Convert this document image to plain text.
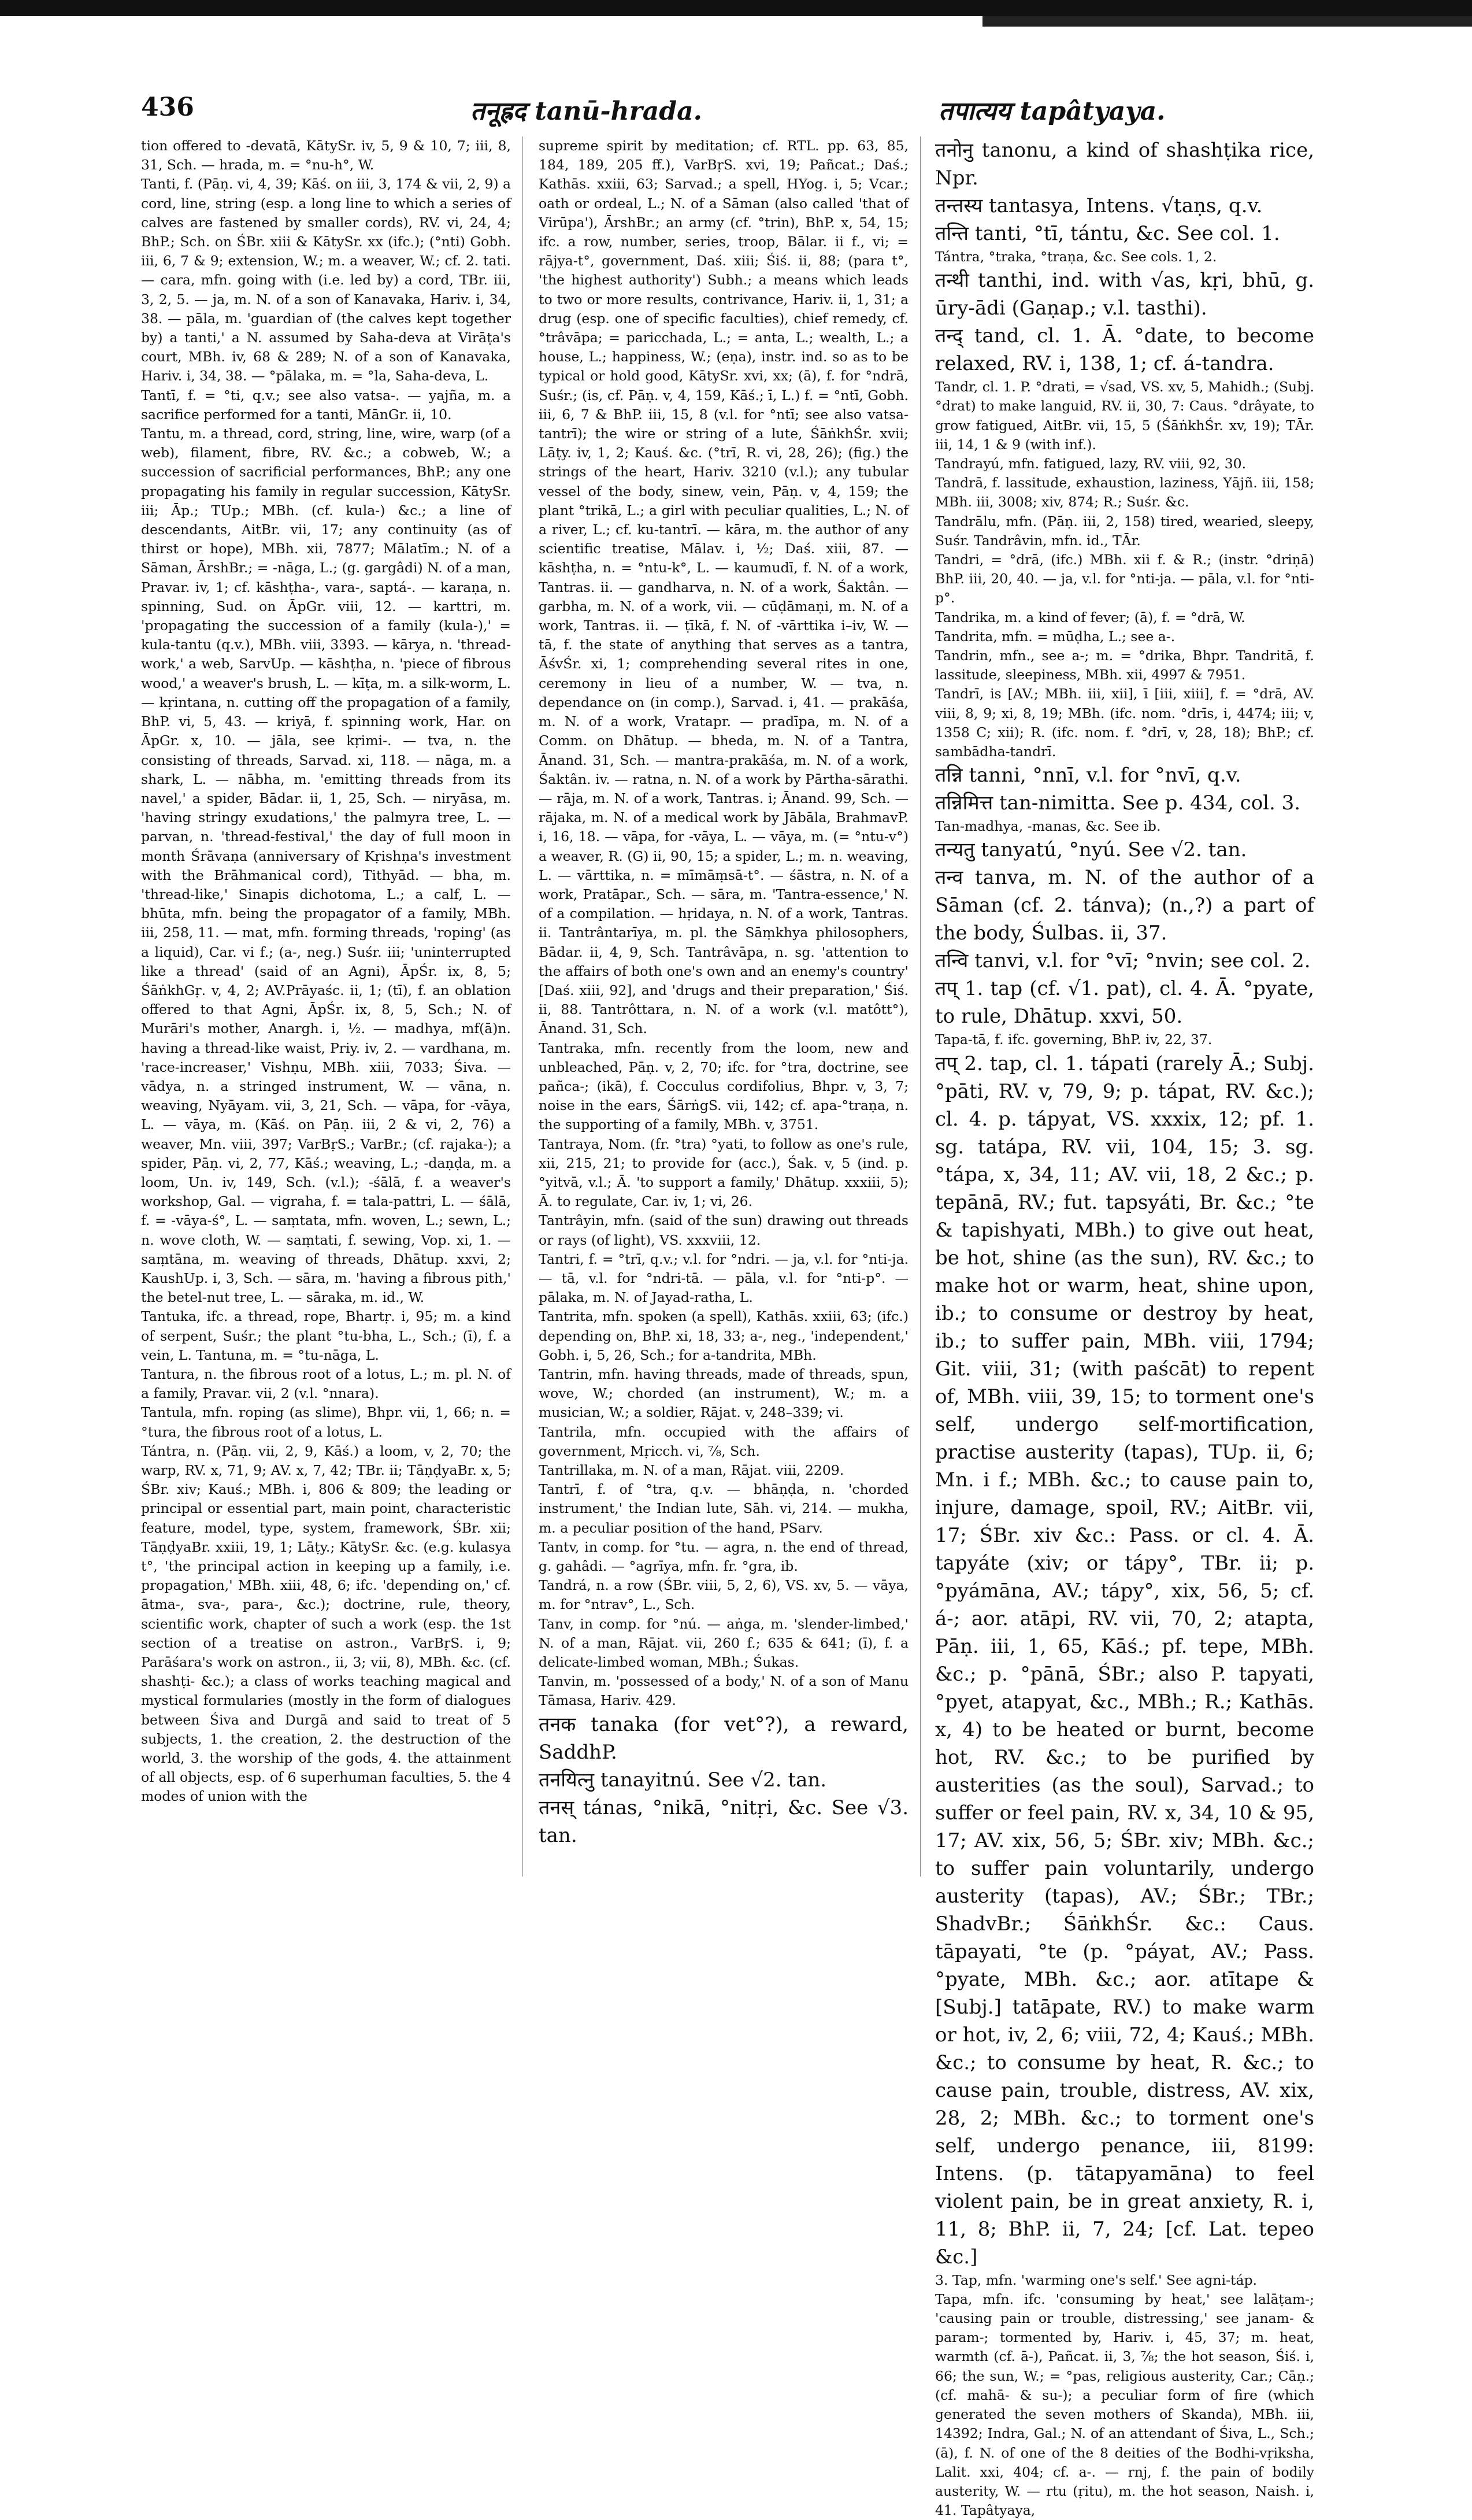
436	तनूह्रद tanū-hrada.	तपात्यय tapâtyaya.

tion offered to -devatā, KātySr. iv, 5, 9 & 10, 7; iii, 8, 31, Sch. — hrada, m. = °nu-h°, W.

Tanti, f. (Pāṇ. vi, 4, 39; Kāś. on iii, 3, 174 & vii, 2, 9) a cord, line, string (esp. a long line to which a series of calves are fastened by smaller cords), RV. vi, 24, 4; BhP.; Sch. on ŚBr. xiii & KātySr. xx (ifc.); (°nti) Gobh. iii, 6, 7 & 9; extension, W.; m. a weaver, W.; cf. 2. tati. — cara, mfn. going with (i.e. led by) a cord, TBr. iii, 3, 2, 5. — ja, m. N. of a son of Kanavaka, Hariv. i, 34, 38. — pāla, m. 'guardian of (the calves kept together by) a tanti,' a N. assumed by Saha-deva at Virāṭa's court, MBh. iv, 68 & 289; N. of a son of Kanavaka, Hariv. i, 34, 38. — °pālaka, m. = °la, Saha-deva, L.

Tantī, f. = °ti, q.v.; see also vatsa-. — yajña, m. a sacrifice performed for a tanti, MānGr. ii, 10.

Tantu, m. a thread, cord, string, line, wire, warp (of a web), filament, fibre, RV. &c.; a cobweb, W.; a succession of sacrificial performances, BhP.; any one propagating his family in regular succession, KātySr. iii; Āp.; TUp.; MBh. (cf. kula-) &c.; a line of descendants, AitBr. vii, 17; any continuity (as of thirst or hope), MBh. xii, 7877; Mālatīm.; N. of a Sāman, ĀrshBr.; = -nāga, L.; (g. gargâdi) N. of a man, Pravar. iv, 1; cf. kāshṭha-, vara-, saptá-. — karaṇa, n. spinning, Sud. on ĀpGr. viii, 12. — karttri, m. 'propagating the succession of a family (kula-),' = kula-tantu (q.v.), MBh. viii, 3393. — kārya, n. 'thread-work,' a web, SarvUp. — kāshṭha, n. 'piece of fibrous wood,' a weaver's brush, L. — kīṭa, m. a silk-worm, L. — kṛintana, n. cutting off the propagation of a family, BhP. vi, 5, 43. — kriyā, f. spinning work, Har. on ĀpGr. x, 10. — jāla, see kṛimi-. — tva, n. the consisting of threads, Sarvad. xi, 118. — nāga, m. a shark, L. — nābha, m. 'emitting threads from its navel,' a spider, Bādar. ii, 1, 25, Sch. — niryāsa, m. 'having stringy exudations,' the palmyra tree, L. — parvan, n. 'thread-festival,' the day of full moon in month Śrāvaṇa (anniversary of Kṛishṇa's investment with the Brāhmanical cord), Tithyād. — bha, m. 'thread-like,' Sinapis dichotoma, L.; a calf, L. — bhūta, mfn. being the propagator of a family, MBh. iii, 258, 11. — mat, mfn. forming threads, 'roping' (as a liquid), Car. vi f.; (a-, neg.) Suśr. iii; 'uninterrupted like a thread' (said of an Agni), ĀpŚr. ix, 8, 5; ŚāṅkhGṛ. v, 4, 2; AV.Prāyaśc. ii, 1; (tī), f. an oblation offered to that Agni, ĀpŚr. ix, 8, 5, Sch.; N. of Murāri's mother, Anargh. i, ½. — madhya, mf(ā)n. having a thread-like waist, Priy. iv, 2. — vardhana, m. 'race-increaser,' Vishṇu, MBh. xiii, 7033; Śiva. — vādya, n. a stringed instrument, W. — vāna, n. weaving, Nyāyam. vii, 3, 21, Sch. — vāpa, for -vāya, L. — vāya, m. (Kāś. on Pāṇ. iii, 2 & vi, 2, 76) a weaver, Mn. viii, 397; VarBṛS.; VarBr.; (cf. rajaka-); a spider, Pāṇ. vi, 2, 77, Kāś.; weaving, L.; -daṇḍa, m. a loom, Un. iv, 149, Sch. (v.l.); -śālā, f. a weaver's workshop, Gal. — vigraha, f. = tala-pattri, L. — śālā, f. = -vāya-ś°, L. — saṃtata, mfn. woven, L.; sewn, L.; n. wove cloth, W. — saṃtati, f. sewing, Vop. xi, 1. — saṃtāna, m. weaving of threads, Dhātup. xxvi, 2; KaushUp. i, 3, Sch. — sāra, m. 'having a fibrous pith,' the betel-nut tree, L. — sāraka, m. id., W.

Tantuka, ifc. a thread, rope, Bhartṛ. i, 95; m. a kind of serpent, Suśr.; the plant °tu-bha, L., Sch.; (ī), f. a vein, L. Tantuna, m. = °tu-nāga, L.

Tantura, n. the fibrous root of a lotus, L.; m. pl. N. of a family, Pravar. vii, 2 (v.l. °nnara).

Tantula, mfn. roping (as slime), Bhpr. vii, 1, 66; n. = °tura, the fibrous root of a lotus, L.

Tántra, n. (Pāṇ. vii, 2, 9, Kāś.) a loom, v, 2, 70; the warp, RV. x, 71, 9; AV. x, 7, 42; TBr. ii; TāṇḍyaBr. x, 5; ŚBr. xiv; Kauś.; MBh. i, 806 & 809; the leading or principal or essential part, main point, characteristic feature, model, type, system, framework, ŚBr. xii; TāṇḍyaBr. xxiii, 19, 1; Lāṭy.; KātySr. &c. (e.g. kulasya t°, 'the principal action in keeping up a family, i.e. propagation,' MBh. xiii, 48, 6; ifc. 'depending on,' cf. ātma-, sva-, para-, &c.); doctrine, rule, theory, scientific work, chapter of such a work (esp. the 1st section of a treatise on astron., VarBṛS. i, 9; Parāśara's work on astron., ii, 3; vii, 8), MBh. &c. (cf. shashṭi- &c.); a class of works teaching magical and mystical formularies (mostly in the form of dialogues between Śiva and Durgā and said to treat of 5 subjects, 1. the creation, 2. the destruction of the world, 3. the worship of the gods, 4. the attainment of all objects, esp. of 6 superhuman faculties, 5. the 4 modes of union with the

supreme spirit by meditation; cf. RTL. pp. 63, 85, 184, 189, 205 ff.), VarBṛS. xvi, 19; Pañcat.; Daś.; Kathās. xxiii, 63; Sarvad.; a spell, HYog. i, 5; Vcar.; oath or ordeal, L.; N. of a Sāman (also called 'that of Virūpa'), ĀrshBr.; an army (cf. °trin), BhP. x, 54, 15; ifc. a row, number, series, troop, Bālar. ii f., vi; = rājya-t°, government, Daś. xiii; Śiś. ii, 88; (para t°, 'the highest authority') Subh.; a means which leads to two or more results, contrivance, Hariv. ii, 1, 31; a drug (esp. one of specific faculties), chief remedy, cf. °trâvāpa; = paricchada, L.; = anta, L.; wealth, L.; a house, L.; happiness, W.; (eṇa), instr. ind. so as to be typical or hold good, KātySr. xvi, xx; (ā), f. for °ndrā, Suśr.; (is, cf. Pāṇ. v, 4, 159, Kāś.; ī, L.) f. = °ntī, Gobh. iii, 6, 7 & BhP. iii, 15, 8 (v.l. for °ntī; see also vatsa-tantrī); the wire or string of a lute, ŚāṅkhŚr. xvii; Lāṭy. iv, 1, 2; Kauś. &c. (°trī, R. vi, 28, 26); (fig.) the strings of the heart, Hariv. 3210 (v.l.); any tubular vessel of the body, sinew, vein, Pāṇ. v, 4, 159; the plant °trikā, L.; a girl with peculiar qualities, L.; N. of a river, L.; cf. ku-tantrī. — kāra, m. the author of any scientific treatise, Mālav. i, ½; Daś. xiii, 87. — kāshṭha, n. = °ntu-k°, L. — kaumudī, f. N. of a work, Tantras. ii. — gandharva, n. N. of a work, Śaktân. — garbha, m. N. of a work, vii. — cūḍāmaṇi, m. N. of a work, Tantras. ii. — ṭīkā, f. N. of -vārttika i–iv, W. — tā, f. the state of anything that serves as a tantra, ĀśvŚr. xi, 1; comprehending several rites in one, ceremony in lieu of a number, W. — tva, n. dependance on (in comp.), Sarvad. i, 41. — prakāśa, m. N. of a work, Vratapr. — pradīpa, m. N. of a Comm. on Dhātup. — bheda, m. N. of a Tantra, Ānand. 31, Sch. — mantra-prakāśa, m. N. of a work, Śaktân. iv. — ratna, n. N. of a work by Pārtha-sārathi. — rāja, m. N. of a work, Tantras. i; Ānand. 99, Sch. — rājaka, m. N. of a medical work by Jābāla, BrahmavP. i, 16, 18. — vāpa, for -vāya, L. — vāya, m. (= °ntu-v°) a weaver, R. (G) ii, 90, 15; a spider, L.; m. n. weaving, L. — vārttika, n. = mīmāṃsā-t°. — śāstra, n. N. of a work, Pratāpar., Sch. — sāra, m. 'Tantra-essence,' N. of a compilation. — hṛidaya, n. N. of a work, Tantras. ii. Tantrântarīya, m. pl. the Sāṃkhya philosophers, Bādar. ii, 4, 9, Sch. Tantrâvāpa, n. sg. 'attention to the affairs of both one's own and an enemy's country' [Daś. xiii, 92], and 'drugs and their preparation,' Śiś. ii, 88. Tantrôttara, n. N. of a work (v.l. matôtt°), Ānand. 31, Sch.

Tantraka, mfn. recently from the loom, new and unbleached, Pāṇ. v, 2, 70; ifc. for °tra, doctrine, see pañca-; (ikā), f. Cocculus cordifolius, Bhpr. v, 3, 7; noise in the ears, ŚārṅgS. vii, 142; cf. apa-°traṇa, n. the supporting of a family, MBh. v, 3751.

Tantraya, Nom. (fr. °tra) °yati, to follow as one's rule, xii, 215, 21; to provide for (acc.), Śak. v, 5 (ind. p. °yitvā, v.l.; Ā. 'to support a family,' Dhātup. xxxiii, 5); Ā. to regulate, Car. iv, 1; vi, 26.

Tantrâyin, mfn. (said of the sun) drawing out threads or rays (of light), VS. xxxviii, 12.

Tantri, f. = °trī, q.v.; v.l. for °ndri. — ja, v.l. for °nti-ja. — tā, v.l. for °ndri-tā. — pāla, v.l. for °nti-p°. — pālaka, m. N. of Jayad-ratha, L.

Tantrita, mfn. spoken (a spell), Kathās. xxiii, 63; (ifc.) depending on, BhP. xi, 18, 33; a-, neg., 'independent,' Gobh. i, 5, 26, Sch.; for a-tandrita, MBh.

Tantrin, mfn. having threads, made of threads, spun, wove, W.; chorded (an instrument), W.; m. a musician, W.; a soldier, Rājat. v, 248–339; vi.

Tantrila, mfn. occupied with the affairs of government, Mṛicch. vi, ⅞, Sch.

Tantrillaka, m. N. of a man, Rājat. viii, 2209.

Tantrī, f. of °tra, q.v. — bhāṇḍa, n. 'chorded instrument,' the Indian lute, Sāh. vi, 214. — mukha, m. a peculiar position of the hand, PSarv.

Tantv, in comp. for °tu. — agra, n. the end of thread, g. gahâdi. — °agrīya, mfn. fr. °gra, ib.

Tandrá, n. a row (ŚBr. viii, 5, 2, 6), VS. xv, 5. — vāya, m. for °ntrav°, L., Sch.

Tanv, in comp. for °nú. — aṅga, m. 'slender-limbed,' N. of a man, Rājat. vii, 260 f.; 635 & 641; (ī), f. a delicate-limbed woman, MBh.; Śukas.

Tanvin, m. 'possessed of a body,' N. of a son of Manu Tāmasa, Hariv. 429.

तनक tanaka (for vet°?), a reward, SaddhP.

तनयित्नु tanayitnú. See √2. tan.

तनस् tánas, °nikā, °nitṛi, &c. See √3. tan.

तनोनु tanonu, a kind of shashṭika rice, Npr.

तन्तस्य tantasya, Intens. √taṇs, q.v.

तन्ति tanti, °tī, tántu, &c. See col. 1.

Tántra, °traka, °traṇa, &c. See cols. 1, 2.

तन्थी tanthi, ind. with √as, kṛi, bhū, g. ūry-ādi (Gaṇap.; v.l. tasthi).

तन्द् tand, cl. 1. Ā. °date, to become relaxed, RV. i, 138, 1; cf. á-tandra.

Tandr, cl. 1. P. °drati, = √sad, VS. xv, 5, Mahidh.; (Subj. °drat) to make languid, RV. ii, 30, 7: Caus. °drâyate, to grow fatigued, AitBr. vii, 15, 5 (ŚāṅkhŚr. xv, 19); TĀr. iii, 14, 1 & 9 (with inf.).

Tandrayú, mfn. fatigued, lazy, RV. viii, 92, 30.

Tandrā, f. lassitude, exhaustion, laziness, Yājñ. iii, 158; MBh. iii, 3008; xiv, 874; R.; Suśr. &c.

Tandrālu, mfn. (Pāṇ. iii, 2, 158) tired, wearied, sleepy, Suśr. Tandrâvin, mfn. id., TĀr.

Tandri, = °drā, (ifc.) MBh. xii f. & R.; (instr. °driṇā) BhP. iii, 20, 40. — ja, v.l. for °nti-ja. — pāla, v.l. for °nti-p°.

Tandrika, m. a kind of fever; (ā), f. = °drā, W.

Tandrita, mfn. = mūḍha, L.; see a-.

Tandrin, mfn., see a-; m. = °drika, Bhpr. Tandritā, f. lassitude, sleepiness, MBh. xii, 4997 & 7951.

Tandrī, is [AV.; MBh. iii, xii], ī [iii, xiii], f. = °drā, AV. viii, 8, 9; xi, 8, 19; MBh. (ifc. nom. °drīs, i, 4474; iii; v, 1358 C; xii); R. (ifc. nom. f. °drī, v, 28, 18); BhP.; cf. sambādha-tandrī.

तन्नि tanni, °nnī, v.l. for °nvī, q.v.

तन्निमित्त tan-nimitta. See p. 434, col. 3.

Tan-madhya, -manas, &c. See ib.

तन्यतु tanyatú, °nyú. See √2. tan.

तन्व tanva, m. N. of the author of a Sāman (cf. 2. tánva); (n.,?) a part of the body, Śulbas. ii, 37.

तन्वि tanvi, v.l. for °vī; °nvin; see col. 2.

तप् 1. tap (cf. √1. pat), cl. 4. Ā. °pyate, to rule, Dhātup. xxvi, 50.

Tapa-tā, f. ifc. governing, BhP. iv, 22, 37.

तप् 2. tap, cl. 1. tápati (rarely Ā.; Subj. °pāti, RV. v, 79, 9; p. tápat, RV. &c.); cl. 4. p. tápyat, VS. xxxix, 12; pf. 1. sg. tatápa, RV. vii, 104, 15; 3. sg. °tápa, x, 34, 11; AV. vii, 18, 2 &c.; p. tepānā, RV.; fut. tapsyáti, Br. &c.; °te & tapishyati, MBh.) to give out heat, be hot, shine (as the sun), RV. &c.; to make hot or warm, heat, shine upon, ib.; to consume or destroy by heat, ib.; to suffer pain, MBh. viii, 1794; Git. viii, 31; (with paścāt) to repent of, MBh. viii, 39, 15; to torment one's self, undergo self-mortification, practise austerity (tapas), TUp. ii, 6; Mn. i f.; MBh. &c.; to cause pain to, injure, damage, spoil, RV.; AitBr. vii, 17; ŚBr. xiv &c.: Pass. or cl. 4. Ā. tapyáte (xiv; or tápy°, TBr. ii; p. °pyámāna, AV.; tápy°, xix, 56, 5; cf. á-; aor. atāpi, RV. vii, 70, 2; atapta, Pāṇ. iii, 1, 65, Kāś.; pf. tepe, MBh. &c.; p. °pānā, ŚBr.; also P. tapyati, °pyet, atapyat, &c., MBh.; R.; Kathās. x, 4) to be heated or burnt, become hot, RV. &c.; to be purified by austerities (as the soul), Sarvad.; to suffer or feel pain, RV. x, 34, 10 & 95, 17; AV. xix, 56, 5; ŚBr. xiv; MBh. &c.; to suffer pain voluntarily, undergo austerity (tapas), AV.; ŚBr.; TBr.; ShadvBr.; ŚāṅkhŚr. &c.: Caus. tāpayati, °te (p. °páyat, AV.; Pass. °pyate, MBh. &c.; aor. atītape & [Subj.] tatāpate, RV.) to make warm or hot, iv, 2, 6; viii, 72, 4; Kauś.; MBh. &c.; to consume by heat, R. &c.; to cause pain, trouble, distress, AV. xix, 28, 2; MBh. &c.; to torment one's self, undergo penance, iii, 8199: Intens. (p. tātapyamāna) to feel violent pain, be in great anxiety, R. i, 11, 8; BhP. ii, 7, 24; [cf. Lat. tepeo &c.]

3. Tap, mfn. 'warming one's self.' See agni-táp.

Tapa, mfn. ifc. 'consuming by heat,' see lalāṭam-; 'causing pain or trouble, distressing,' see janam- & param-; tormented by, Hariv. i, 45, 37; m. heat, warmth (cf. ā-), Pañcat. ii, 3, ⅞; the hot season, Śiś. i, 66; the sun, W.; = °pas, religious austerity, Car.; Cāṇ.; (cf. mahā- & su-); a peculiar form of fire (which generated the seven mothers of Skanda), MBh. iii, 14392; Indra, Gal.; N. of an attendant of Śiva, L., Sch.; (ā), f. N. of one of the 8 deities of the Bodhi-vṛiksha, Lalit. xxi, 404; cf. a-. — rnj, f. the pain of bodily austerity, W. — rtu (ṛitu), m. the hot season, Naish. i, 41. Tapâtyaya,
